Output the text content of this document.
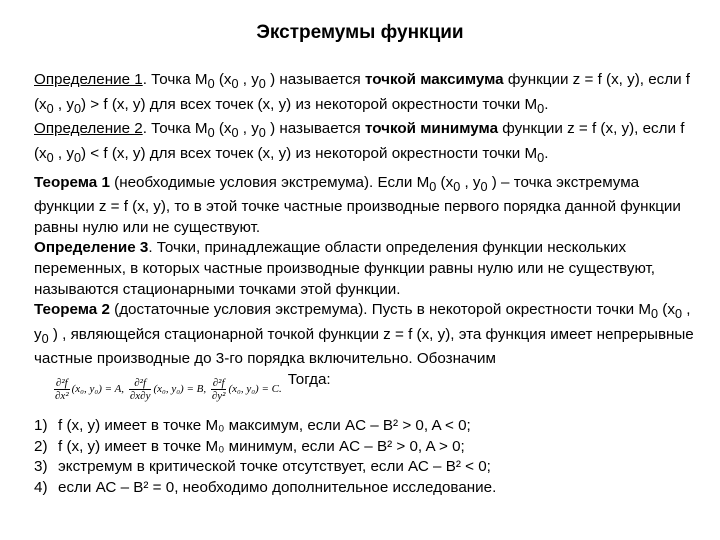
Экстремумы функции

Определение 1. Точка $М_0$ ($х_0$ , $у_0$ ) называется точкой максимума функции z = f (x, y), если f ($x_0$ , $y_0) > f$ (x, y) для всех точек (х, у) из некоторой окрестности точки $М_0$.

Определение 2. Точка $М_0$ ($х_0$ , $у_0$ ) называется точкой минимума функции z = f (x, y), если f ($x_0$ , $y_0) < f$ (x, y) для всех точек (х, у) из некоторой окрестности точки $М_0$.

Теорема 1 (необходимые условия экстремума). Если $М_0$ ($х_0$ , $у_0$ ) – точка экстремума функции z = f (x, y), то в этой точке частные производные первого порядка данной функции равны нулю или не существуют.

Определение 3. Точки, принадлежащие области определения функции нескольких переменных, в которых частные производные функции равны нулю или не существуют, называются стационарными точками этой функции.

Теорема 2 (достаточные условия экстремума). Пусть в некоторой окрестности точки $М_0$ ($х_0$ , $у_0$ ) , являющейся стационарной точкой функции z = f (x, y), эта функция имеет непрерывные частные производные до 3-го порядка включительно. Обозначим
$\frac{\text{∂²f}}{\text{∂x²}} (x_0$, y₀) = A, $\frac{\text{∂²f}}{\partial x\partial y} (x_0$, y₀) = B, $\frac{\text{∂²f}}{\text{∂y²}} (x_0$, y₀) = C.Тогда:

1) f (x, y) имеет в точке М₀ максимум, если AC – B² > 0, A < 0;
2) f (x, y) имеет в точке М₀ минимум, если AC – B² > 0, A > 0;
3) экстремум в критической точке отсутствует, если АС – В² < 0;
4) если АС – В² = 0, необходимо дополнительное исследование.
